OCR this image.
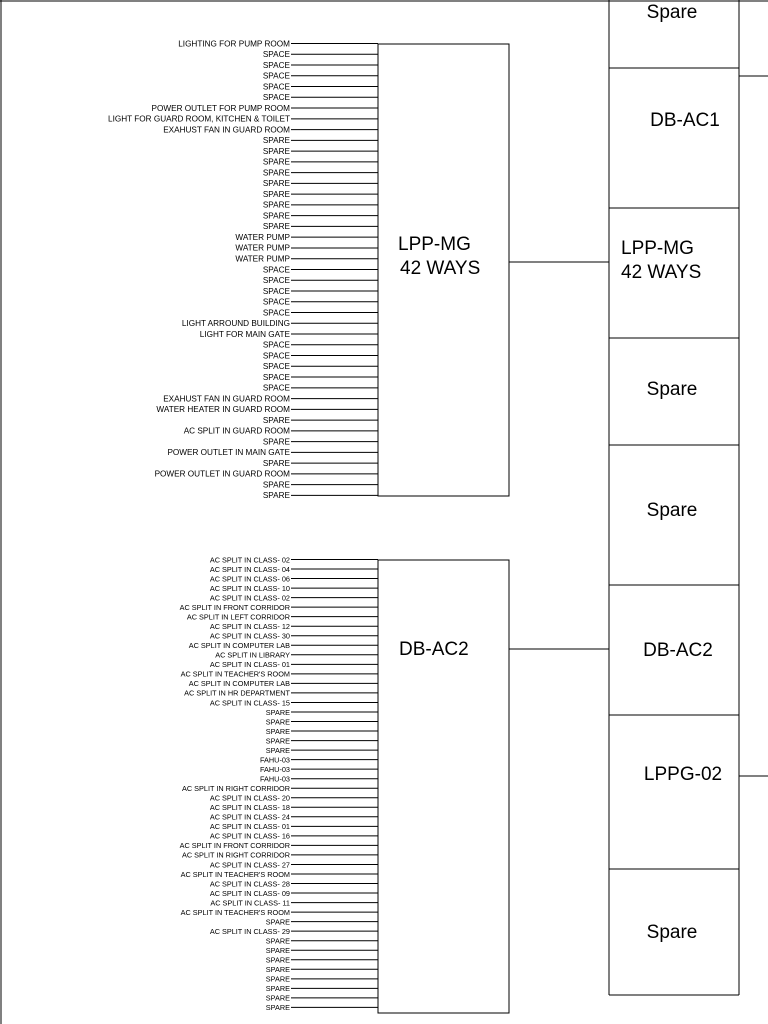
LPP-MG
42 WAYS
LIGHTING FOR PUMP ROOM
SPACE
SPACE
SPACE
SPACE
SPACE
POWER OUTLET FOR PUMP ROOM
LIGHT FOR GUARD ROOM, KITCHEN & TOILET
EXAHUST FAN IN GUARD ROOM
SPARE
SPARE
SPARE
SPARE
SPARE
SPARE
SPARE
SPARE
SPARE
WATER PUMP
WATER PUMP
WATER PUMP
SPACE
SPACE
SPACE
SPACE
SPACE
LIGHT ARROUND BUILDING
LIGHT FOR MAIN GATE
SPACE
SPACE
SPACE
SPACE
SPACE
EXAHUST FAN IN GUARD ROOM
WATER HEATER IN GUARD ROOM
SPARE
AC SPLIT IN GUARD ROOM
SPARE
POWER OUTLET IN MAIN GATE
SPARE
POWER OUTLET IN GUARD ROOM
SPARE
SPARE
DB-AC2
AC SPLIT IN CLASS- 02
AC SPLIT IN CLASS- 04
AC SPLIT IN CLASS- 06
AC SPLIT IN CLASS- 10
AC SPLIT IN CLASS- 02
AC SPLIT IN FRONT CORRIDOR
AC SPLIT IN LEFT CORRIDOR
AC SPLIT IN CLASS- 12
AC SPLIT IN CLASS- 30
AC SPLIT IN COMPUTER LAB
AC SPLIT IN LIBRARY
AC SPLIT IN CLASS- 01
AC SPLIT IN TEACHER'S ROOM
AC SPLIT IN COMPUTER LAB
AC SPLIT IN HR DEPARTMENT
AC SPLIT IN CLASS- 15
SPARE
SPARE
SPARE
SPARE
SPARE
FAHU-03
FAHU-03
FAHU-03
AC SPLIT IN RIGHT CORRIDOR
AC SPLIT IN CLASS- 20
AC SPLIT IN CLASS- 18
AC SPLIT IN CLASS- 24
AC SPLIT IN CLASS- 01
AC SPLIT IN CLASS- 16
AC SPLIT IN FRONT CORRIDOR
AC SPLIT IN RIGHT CORRIDOR
AC SPLIT IN CLASS- 27
AC SPLIT IN TEACHER'S ROOM
AC SPLIT IN CLASS- 28
AC SPLIT IN CLASS- 09
AC SPLIT IN CLASS- 11
AC SPLIT IN TEACHER'S ROOM
SPARE
AC SPLIT IN CLASS- 29
SPARE
SPARE
SPARE
SPARE
SPARE
SPARE
SPARE
SPARE
Spare
DB-AC1
LPP-MG
42 WAYS
Spare
Spare
DB-AC2
LPPG-02
Spare
